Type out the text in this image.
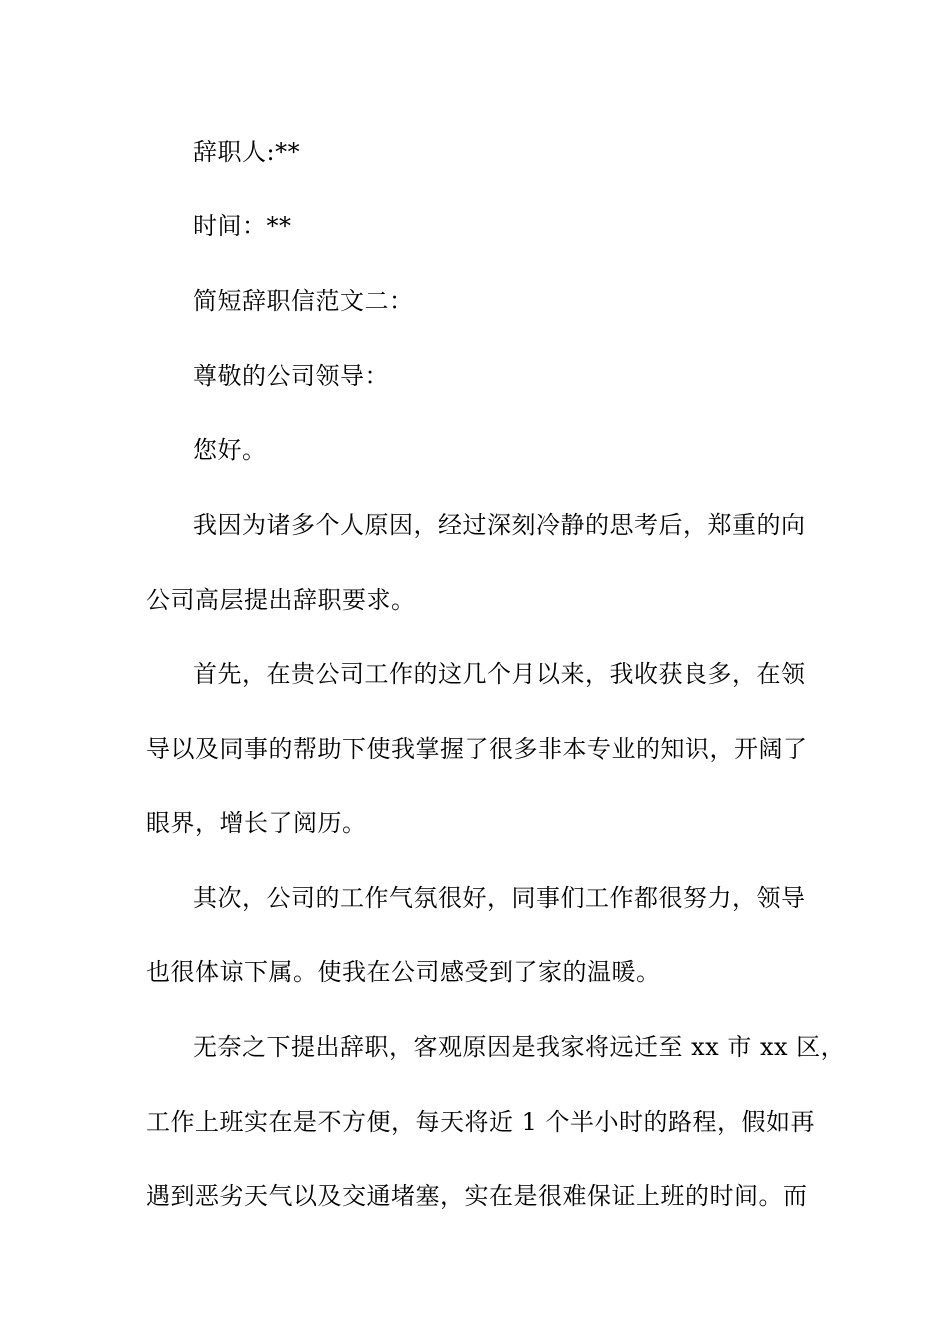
辞职人:**
时间：**
简短辞职信范文二：
尊敬的公司领导：
您好。
我因为诸多个人原因，经过深刻冷静的思考后，郑重的向
公司高层提出辞职要求。
首先，在贵公司工作的这几个月以来，我收获良多，在领
导以及同事的帮助下使我掌握了很多非本专业的知识，开阔了
眼界，增长了阅历。
其次，公司的工作气氛很好，同事们工作都很努力，领导
也很体谅下属。使我在公司感受到了家的温暖。
无奈之下提出辞职，客观原因是我家将远迁至 xx 市 xx 区，
工作上班实在是不方便，每天将近 1 个半小时的路程，假如再
遇到恶劣天气以及交通堵塞，实在是很难保证上班的时间。而
